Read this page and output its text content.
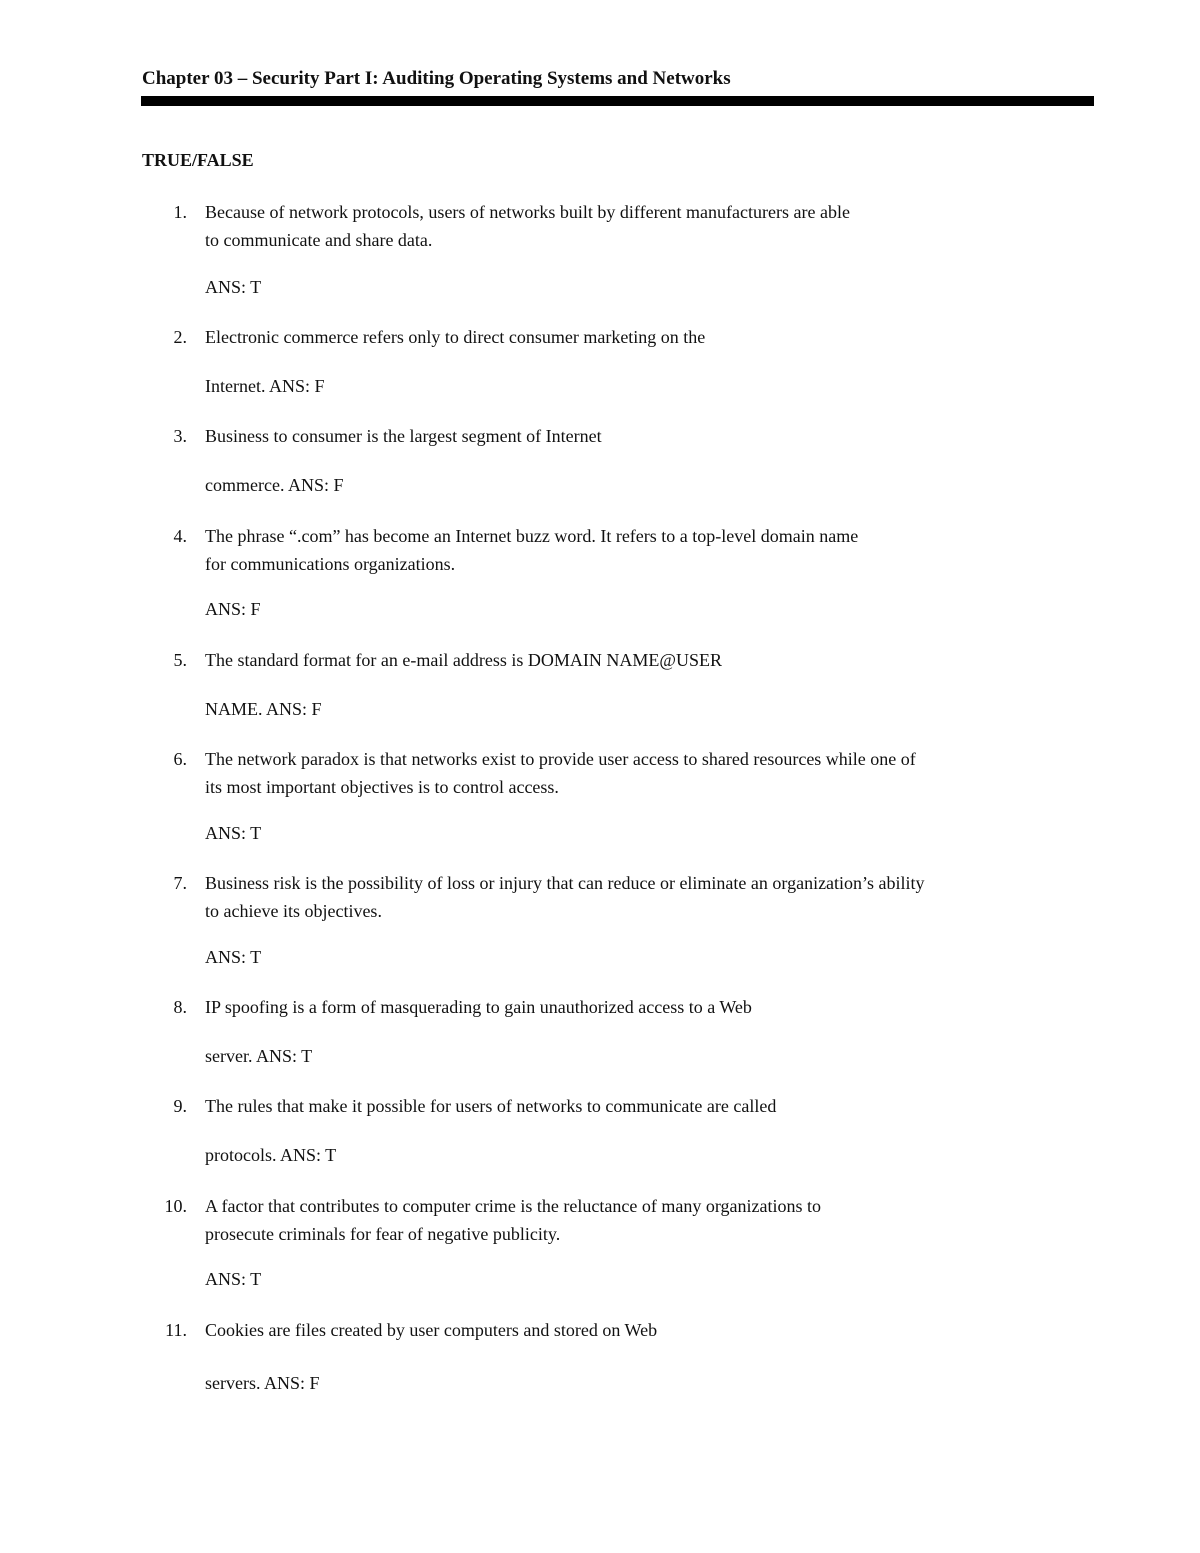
Chapter 03 – Security Part I: Auditing Operating Systems and Networks
TRUE/FALSE
1. Because of network protocols, users of networks built by different manufacturers are able
to communicate and share data.
ANS: T
2. Electronic commerce refers only to direct consumer marketing on the
Internet. ANS: F
3. Business to consumer is the largest segment of Internet
commerce. ANS: F
4. The phrase “.com” has become an Internet buzz word. It refers to a top-level domain name
for communications organizations.
ANS: F
5. The standard format for an e-mail address is DOMAIN NAME@USER
NAME. ANS: F
6. The network paradox is that networks exist to provide user access to shared resources while one of
its most important objectives is to control access.
ANS: T
7. Business risk is the possibility of loss or injury that can reduce or eliminate an organization’s ability
to achieve its objectives.
ANS: T
8. IP spoofing is a form of masquerading to gain unauthorized access to a Web
server. ANS: T
9. The rules that make it possible for users of networks to communicate are called
protocols. ANS: T
10. A factor that contributes to computer crime is the reluctance of many organizations to
prosecute criminals for fear of negative publicity.
ANS: T
11. Cookies are files created by user computers and stored on Web
servers. ANS: F
